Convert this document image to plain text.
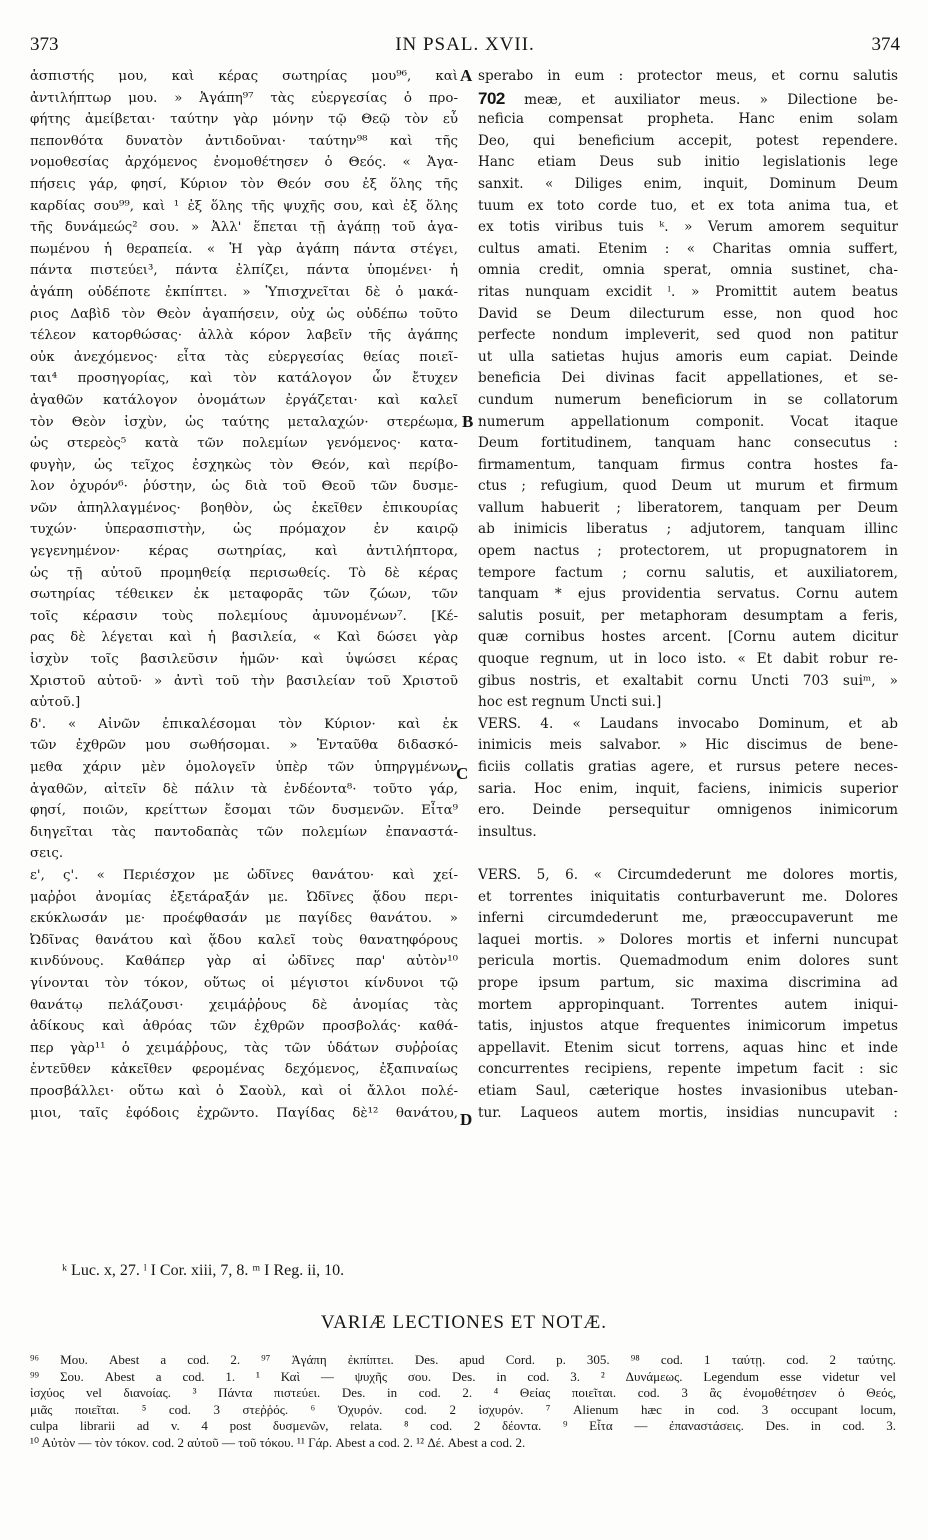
373	IN PSAL. XVII.	374
ἀσπιστής μου, καὶ κέρας σωτηρίας μου⁹⁶, καὶ
ἀντιλήπτωρ μου. » Ἀγάπη⁹⁷ τὰς εὐεργεσίας ὁ προ-
φήτης ἀμείβεται· ταύτην γὰρ μόνην τῷ Θεῷ τὸν εὖ
πεπονθότα δυνατὸν ἀντιδοῦναι· ταύτην⁹⁸ καὶ τῆς
νομοθεσίας ἀρχόμενος ἐνομοθέτησεν ὁ Θεός. « Ἀγα-
πήσεις γάρ, φησί, Κύριον τὸν Θεόν σου ἐξ ὅλης τῆς
καρδίας σου⁹⁹, καὶ ¹ ἐξ ὅλης τῆς ψυχῆς σου, καὶ ἐξ ὅλης
τῆς δυνάμεώς² σου. » Ἀλλ' ἕπεται τῇ ἀγάπῃ τοῦ ἀγα-
πωμένου ἡ θεραπεία. « Ἡ γὰρ ἀγάπη πάντα στέγει,
πάντα πιστεύει³, πάντα ἐλπίζει, πάντα ὑπομένει· ἡ
ἀγάπη οὐδέποτε ἐκπίπτει. » Ὑπισχνεῖται δὲ ὁ μακά-
ριος Δαβὶδ τὸν Θεὸν ἀγαπήσειν, οὐχ ὡς οὐδέπω τοῦτο
τέλεον κατορθώσας· ἀλλὰ κόρον λαβεῖν τῆς ἀγάπης
οὐκ ἀνεχόμενος· εἶτα τὰς εὐεργεσίας θείας ποιεῖ-
ται⁴ προσηγορίας, καὶ τὸν κατάλογον ὧν ἔτυχεν
ἀγαθῶν κατάλογον ὀνομάτων ἐργάζεται· καὶ καλεῖ
τὸν Θεὸν ἰσχὺν, ὡς ταύτης μεταλαχών· στερέωμα,
ὡς στερεὸς⁵ κατὰ τῶν πολεμίων γενόμενος· κατα-
φυγὴν, ὡς τεῖχος ἐσχηκὼς τὸν Θεόν, καὶ περίβο-
λον ὀχυρόν⁶· ῥύστην, ὡς διὰ τοῦ Θεοῦ τῶν δυσμε-
νῶν ἀπηλλαγμένος· βοηθὸν, ὡς ἐκεῖθεν ἐπικουρίας
τυχών· ὑπερασπιστὴν, ὡς πρόμαχον ἐν καιρῷ
γεγενημένον· κέρας σωτηρίας, καὶ ἀντιλήπτορα,
ὡς τῇ αὐτοῦ προμηθείᾳ περισωθείς. Τὸ δὲ κέρας
σωτηρίας τέθεικεν ἐκ μεταφορᾶς τῶν ζώων, τῶν
τοῖς κέρασιν τοὺς πολεμίους ἀμυνομένων⁷. [Κέ-
ρας δὲ λέγεται καὶ ἡ βασιλεία, « Καὶ δώσει γὰρ
ἰσχὺν τοῖς βασιλεῦσιν ἡμῶν· καὶ ὑψώσει κέρας
Χριστοῦ αὐτοῦ· » ἀντὶ τοῦ τὴν βασιλείαν τοῦ Χριστοῦ
αὐτοῦ.]
δ'. « Αἰνῶν ἐπικαλέσομαι τὸν Κύριον· καὶ ἐκ
τῶν ἐχθρῶν μου σωθήσομαι. » Ἐνταῦθα διδασκό-
μεθα χάριν μὲν ὁμολογεῖν ὑπὲρ τῶν ὑπηργμένων
ἀγαθῶν, αἰτεῖν δὲ πάλιν τὰ ἐνδέοντα⁸· τοῦτο γάρ,
φησί, ποιῶν, κρείττων ἔσομαι τῶν δυσμενῶν. Εἶτα⁹
διηγεῖται τὰς παντοδαπὰς τῶν πολεμίων ἐπαναστά-
σεις.
ε', ς'. « Περιέσχον με ὠδῖνες θανάτου· καὶ χεί-
μαῤῥοι ἀνομίας ἐξετάραξάν με. Ὠδῖνες ᾅδου περι-
εκύκλωσάν με· προέφθασάν με παγίδες θανάτου. »
Ὠδῖνας θανάτου καὶ ᾅδου καλεῖ τοὺς θανατηφόρους
κινδύνους. Καθάπερ γὰρ αἱ ὠδῖνες παρ' αὐτὸν¹⁰
γίνονται τὸν τόκον, οὕτως οἱ μέγιστοι κίνδυνοι τῷ
θανάτῳ πελάζουσι· χειμάῤῥους δὲ ἀνομίας τὰς
ἀδίκους καὶ ἀθρόας τῶν ἐχθρῶν προσβολάς· καθά-
περ γὰρ¹¹ ὁ χειμάῤῥους, τὰς τῶν ὑδάτων συῤῥοίας
ἐντεῦθεν κἀκεῖθεν φερομένας δεχόμενος, ἐξαπιναίως
προσβάλλει· οὕτω καὶ ὁ Σαοὺλ, καὶ οἱ ἄλλοι πολέ-
μιοι, ταῖς ἐφόδοις ἐχρῶντο. Παγίδας δὲ¹² θανάτου,
sperabo in eum : protector meus, et cornu salutis
702 meæ, et auxiliator meus. » Dilectione be-
neficia compensat propheta. Hanc enim solam
Deo, qui beneficium accepit, potest rependere.
Hanc etiam Deus sub initio legislationis lege
sanxit. « Diliges enim, inquit, Dominum Deum
tuum ex toto corde tuo, et ex tota anima tua, et
ex totis viribus tuis ᵏ. » Verum amorem sequitur
cultus amati. Etenim : « Charitas omnia suffert,
omnia credit, omnia sperat, omnia sustinet, cha-
ritas nunquam excidit ˡ. » Promittit autem beatus
David se Deum dilecturum esse, non quod hoc
perfecte nondum impleverit, sed quod non patitur
ut ulla satietas hujus amoris eum capiat. Deinde
beneficia Dei divinas facit appellationes, et se-
cundum numerum beneficiorum in se collatorum
numerum appellationum componit. Vocat itaque
Deum fortitudinem, tanquam hanc consecutus :
firmamentum, tanquam firmus contra hostes fa-
ctus ; refugium, quod Deum ut murum et firmum
vallum habuerit ; liberatorem, tanquam per Deum
ab inimicis liberatus ; adjutorem, tanquam illinc
opem nactus ; protectorem, ut propugnatorem in
tempore factum ; cornu salutis, et auxiliatorem,
tanquam * ejus providentia servatus. Cornu autem
salutis posuit, per metaphoram desumptam a feris,
quæ cornibus hostes arcent. [Cornu autem dicitur
quoque regnum, ut in loco isto. « Et dabit robur re-
gibus nostris, et exaltabit cornu Uncti 703 suiᵐ, »
hoc est regnum Uncti sui.]
VERS. 4. « Laudans invocabo Dominum, et ab
inimicis meis salvabor. » Hic discimus de bene-
ficiis collatis gratias agere, et rursus petere neces-
saria. Hoc enim, inquit, faciens, inimicis superior
ero. Deinde persequitur omnigenos inimicorum
insultus.
VERS. 5, 6. « Circumdederunt me dolores mortis,
et torrentes iniquitatis conturbaverunt me. Dolores
inferni circumdederunt me, præoccupaverunt me
laquei mortis. » Dolores mortis et inferni nuncupat
pericula mortis. Quemadmodum enim dolores sunt
prope ipsum partum, sic maxima discrimina ad
mortem appropinquant. Torrentes autem iniqui-
tatis, injustos atque frequentes inimicorum impetus
appellavit. Etenim sicut torrens, aquas hinc et inde
concurrentes recipiens, repente impetum facit : sic
etiam Saul, cæterique hostes invasionibus uteban-
tur. Laqueos autem mortis, insidias nuncupavit :
A
B
C
D
ᵏ Luc. x, 27. ˡ I Cor. xiii, 7, 8. ᵐ I Reg. ii, 10.
VARIÆ LECTIONES ET NOTÆ.
⁹⁶ Μου. Abest a cod. 2. ⁹⁷ Ἀγάπη ἐκπίπτει. Des. apud Cord. p. 305. ⁹⁸ cod. 1 ταύτῃ. cod. 2 ταύτης.
⁹⁹ Σου. Abest a cod. 1. ¹ Καὶ — ψυχῆς σου. Des. in cod. 3. ² Δυνάμεως. Legendum esse videtur vel
ἰσχύος vel διανοίας. ³ Πάντα πιστεύει. Des. in cod. 2. ⁴ Θείας ποιεῖται. cod. 3 ἃς ἐνομοθέτησεν ὁ Θεός,
μιᾶς ποιεῖται. ⁵ cod. 3 στεῤῥός. ⁶ Ὀχυρόν. cod. 2 ἰσχυρόν. ⁷ Alienum hæc in cod. 3 occupant locum,
culpa librarii ad v. 4 post δυσμενῶν, relata. ⁸ cod. 2 δέοντα. ⁹ Εἶτα — ἐπαναστάσεις. Des. in cod. 3.
¹⁰ Αὐτὸν — τὸν τόκον. cod. 2 αὐτοῦ — τοῦ τόκου. ¹¹ Γάρ. Abest a cod. 2. ¹² Δέ. Abest a cod. 2.
